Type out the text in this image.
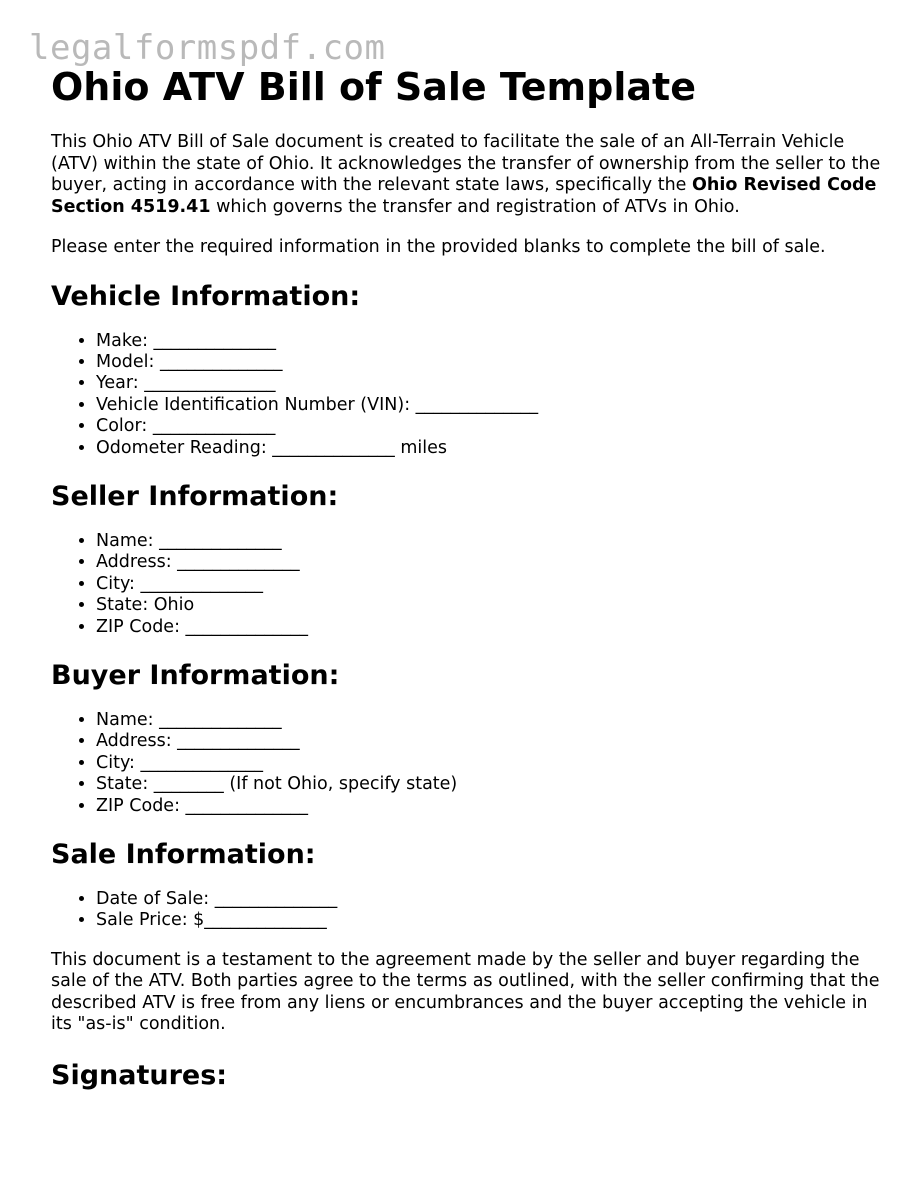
legalformspdf.com
Ohio ATV Bill of Sale Template

This Ohio ATV Bill of Sale document is created to facilitate the sale of an All-Terrain Vehicle (ATV) within the state of Ohio. It acknowledges the transfer of ownership from the seller to the buyer, acting in accordance with the relevant state laws, specifically the Ohio Revised Code Section 4519.41 which governs the transfer and registration of ATVs in Ohio.

Please enter the required information in the provided blanks to complete the bill of sale.

Vehicle Information:
• Make: ______________
• Model: ______________
• Year: _______________
• Vehicle Identification Number (VIN): ______________
• Color: ______________
• Odometer Reading: ______________ miles
Seller Information:
• Name: ______________
• Address: ______________
• City: ______________
• State: Ohio
• ZIP Code: ______________
Buyer Information:
• Name: ______________
• Address: ______________
• City: ______________
• State: ________ (If not Ohio, specify state)
• ZIP Code: ______________
Sale Information:
• Date of Sale: ______________
• Sale Price: $______________

This document is a testament to the agreement made by the seller and buyer regarding the sale of the ATV. Both parties agree to the terms as outlined, with the seller confirming that the described ATV is free from any liens or encumbrances and the buyer accepting the vehicle in its "as-is" condition.

Signatures:
